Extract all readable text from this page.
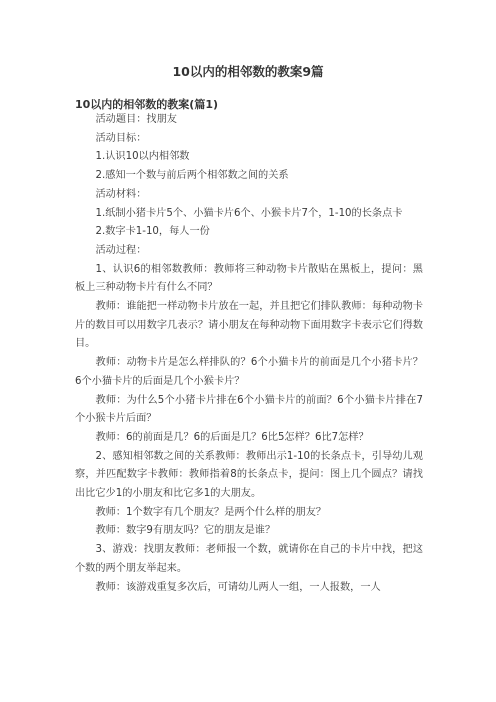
10以内的相邻数的教案9篇
10以内的相邻数的教案(篇1)

活动题目：找朋友

活动目标：

1.认识10以内相邻数

2.感知一个数与前后两个相邻数之间的关系

活动材料：

1.纸制小猪卡片5个、小猫卡片6个、小猴卡片7个，1-10的长条点卡

2.数字卡1-10，每人一份

活动过程：

1、认识6的相邻数教师：教师将三种动物卡片散贴在黑板上，提问：黑板上三种动物卡片有什么不同？

教师：谁能把一样动物卡片放在一起，并且把它们排队教师：每种动物卡片的数目可以用数字几表示？请小朋友在每种动物下面用数字卡表示它们得数目。

教师：动物卡片是怎么样排队的？6个小猫卡片的前面是几个小猪卡片？6个小猫卡片的后面是几个小猴卡片？

教师：为什么5个小猪卡片排在6个小猫卡片的前面？6个小猫卡片排在7个小猴卡片后面？

教师：6的前面是几？6的后面是几？6比5怎样？6比7怎样？

2、感知相邻数之间的关系教师：教师出示1-10的长条点卡，引导幼儿观察，并匹配数字卡教师：教师指着8的长条点卡，提问：图上几个圆点？请找出比它少1的小朋友和比它多1的大朋友。

教师：1个数字有几个朋友？是两个什么样的朋友？

教师：数字9有朋友吗？它的朋友是谁？

3、游戏：找朋友教师：老师报一个数，就请你在自己的卡片中找，把这个数的两个朋友举起来。

教师：该游戏重复多次后，可请幼儿两人一组，一人报数，一人
